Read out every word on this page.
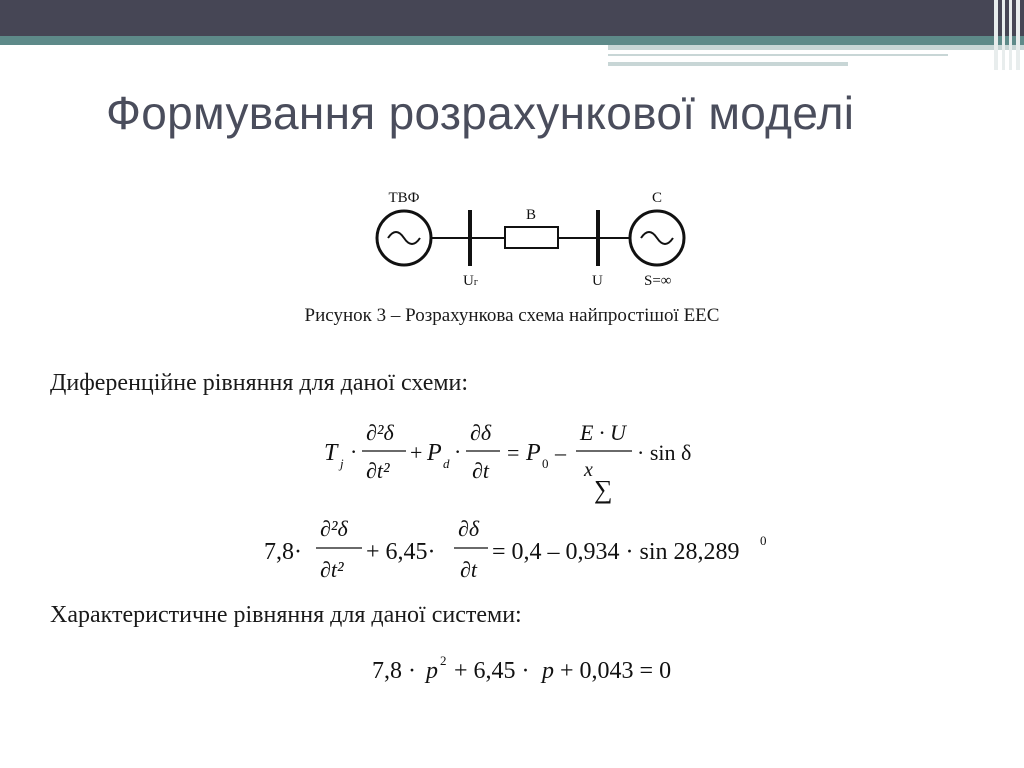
Формування розрахункової моделі
ТВФ
В
С
Uг	U	S=∞

Рисунок 3 – Розрахункова схема найпростішої ЕЕС

Диференційне рівняння для даної схеми:

T j ·
∂²δ
∂t²
+ P d ·
∂δ
∂t
= P 0 –
E · U
x
∑
· sin δ
7,8·
∂²δ
∂t²
+ 6,45·
∂δ
∂t
= 0,4 – 0,934 · sin 28,289 0

Характеристичне рівняння для даної системи:

7,8 · p 2 + 6,45 · p + 0,043 = 0
